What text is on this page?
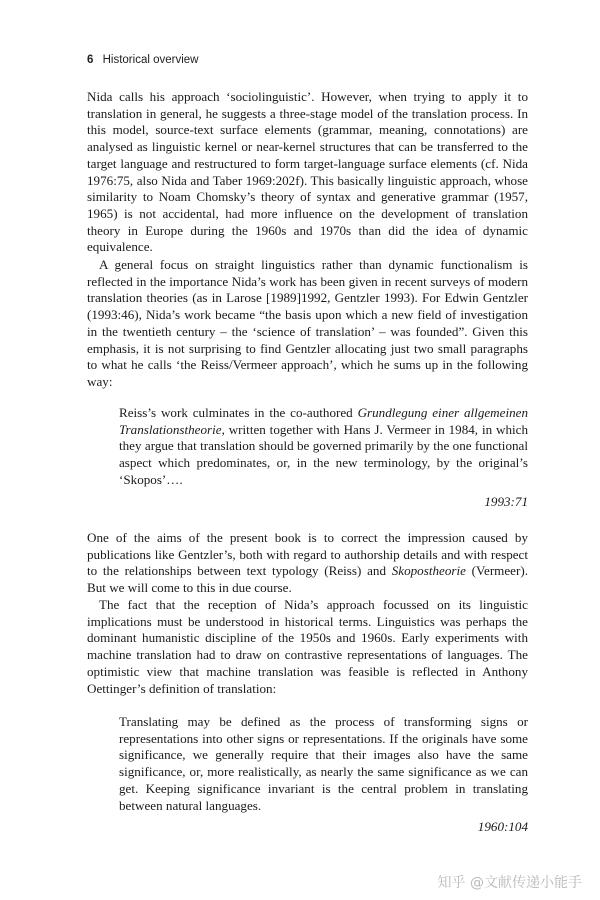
6 Historical overview

Nida calls his approach ‘sociolinguistic’. However, when trying to apply it to translation in general, he suggests a three-stage model of the translation process. In this model, source-text surface elements (grammar, meaning, connotations) are analysed as linguistic kernel or near-kernel structures that can be transferred to the target language and restructured to form target-language surface elements (cf. Nida 1976:75, also Nida and Taber 1969:202f). This basically linguistic approach, whose similarity to Noam Chomsky’s theory of syntax and generative grammar (1957, 1965) is not accidental, had more influence on the development of translation theory in Europe during the 1960s and 1970s than did the idea of dynamic equivalence.

A general focus on straight linguistics rather than dynamic functionalism is reflected in the importance Nida’s work has been given in recent surveys of modern translation theories (as in Larose [1989]1992, Gentzler 1993). For Edwin Gentzler (1993:46), Nida’s work became “the basis upon which a new field of investigation in the twentieth century – the ‘science of translation’ – was founded”. Given this emphasis, it is not surprising to find Gentzler allocating just two small paragraphs to what he calls ‘the Reiss/Vermeer approach’, which he sums up in the following way:

Reiss’s work culminates in the co-authored Grundlegung einer allgemeinen Translationstheorie, written together with Hans J. Vermeer in 1984, in which they argue that translation should be governed primarily by the one functional aspect which predominates, or, in the new terminology, by the original’s ‘Skopos’….

1993:71

One of the aims of the present book is to correct the impression caused by publications like Gentzler’s, both with regard to authorship details and with respect to the relationships between text typology (Reiss) and Skopostheorie (Vermeer). But we will come to this in due course.

The fact that the reception of Nida’s approach focussed on its linguistic implications must be understood in historical terms. Linguistics was perhaps the dominant humanistic discipline of the 1950s and 1960s. Early experiments with machine translation had to draw on contrastive representations of languages. The optimistic view that machine translation was feasible is reflected in Anthony Oettinger’s definition of translation:

Translating may be defined as the process of transforming signs or representations into other signs or representations. If the originals have some significance, we generally require that their images also have the same significance, or, more realistically, as nearly the same significance as we can get. Keeping significance invariant is the central problem in translating between natural languages.

1960:104

知乎 @文献传递小能手
